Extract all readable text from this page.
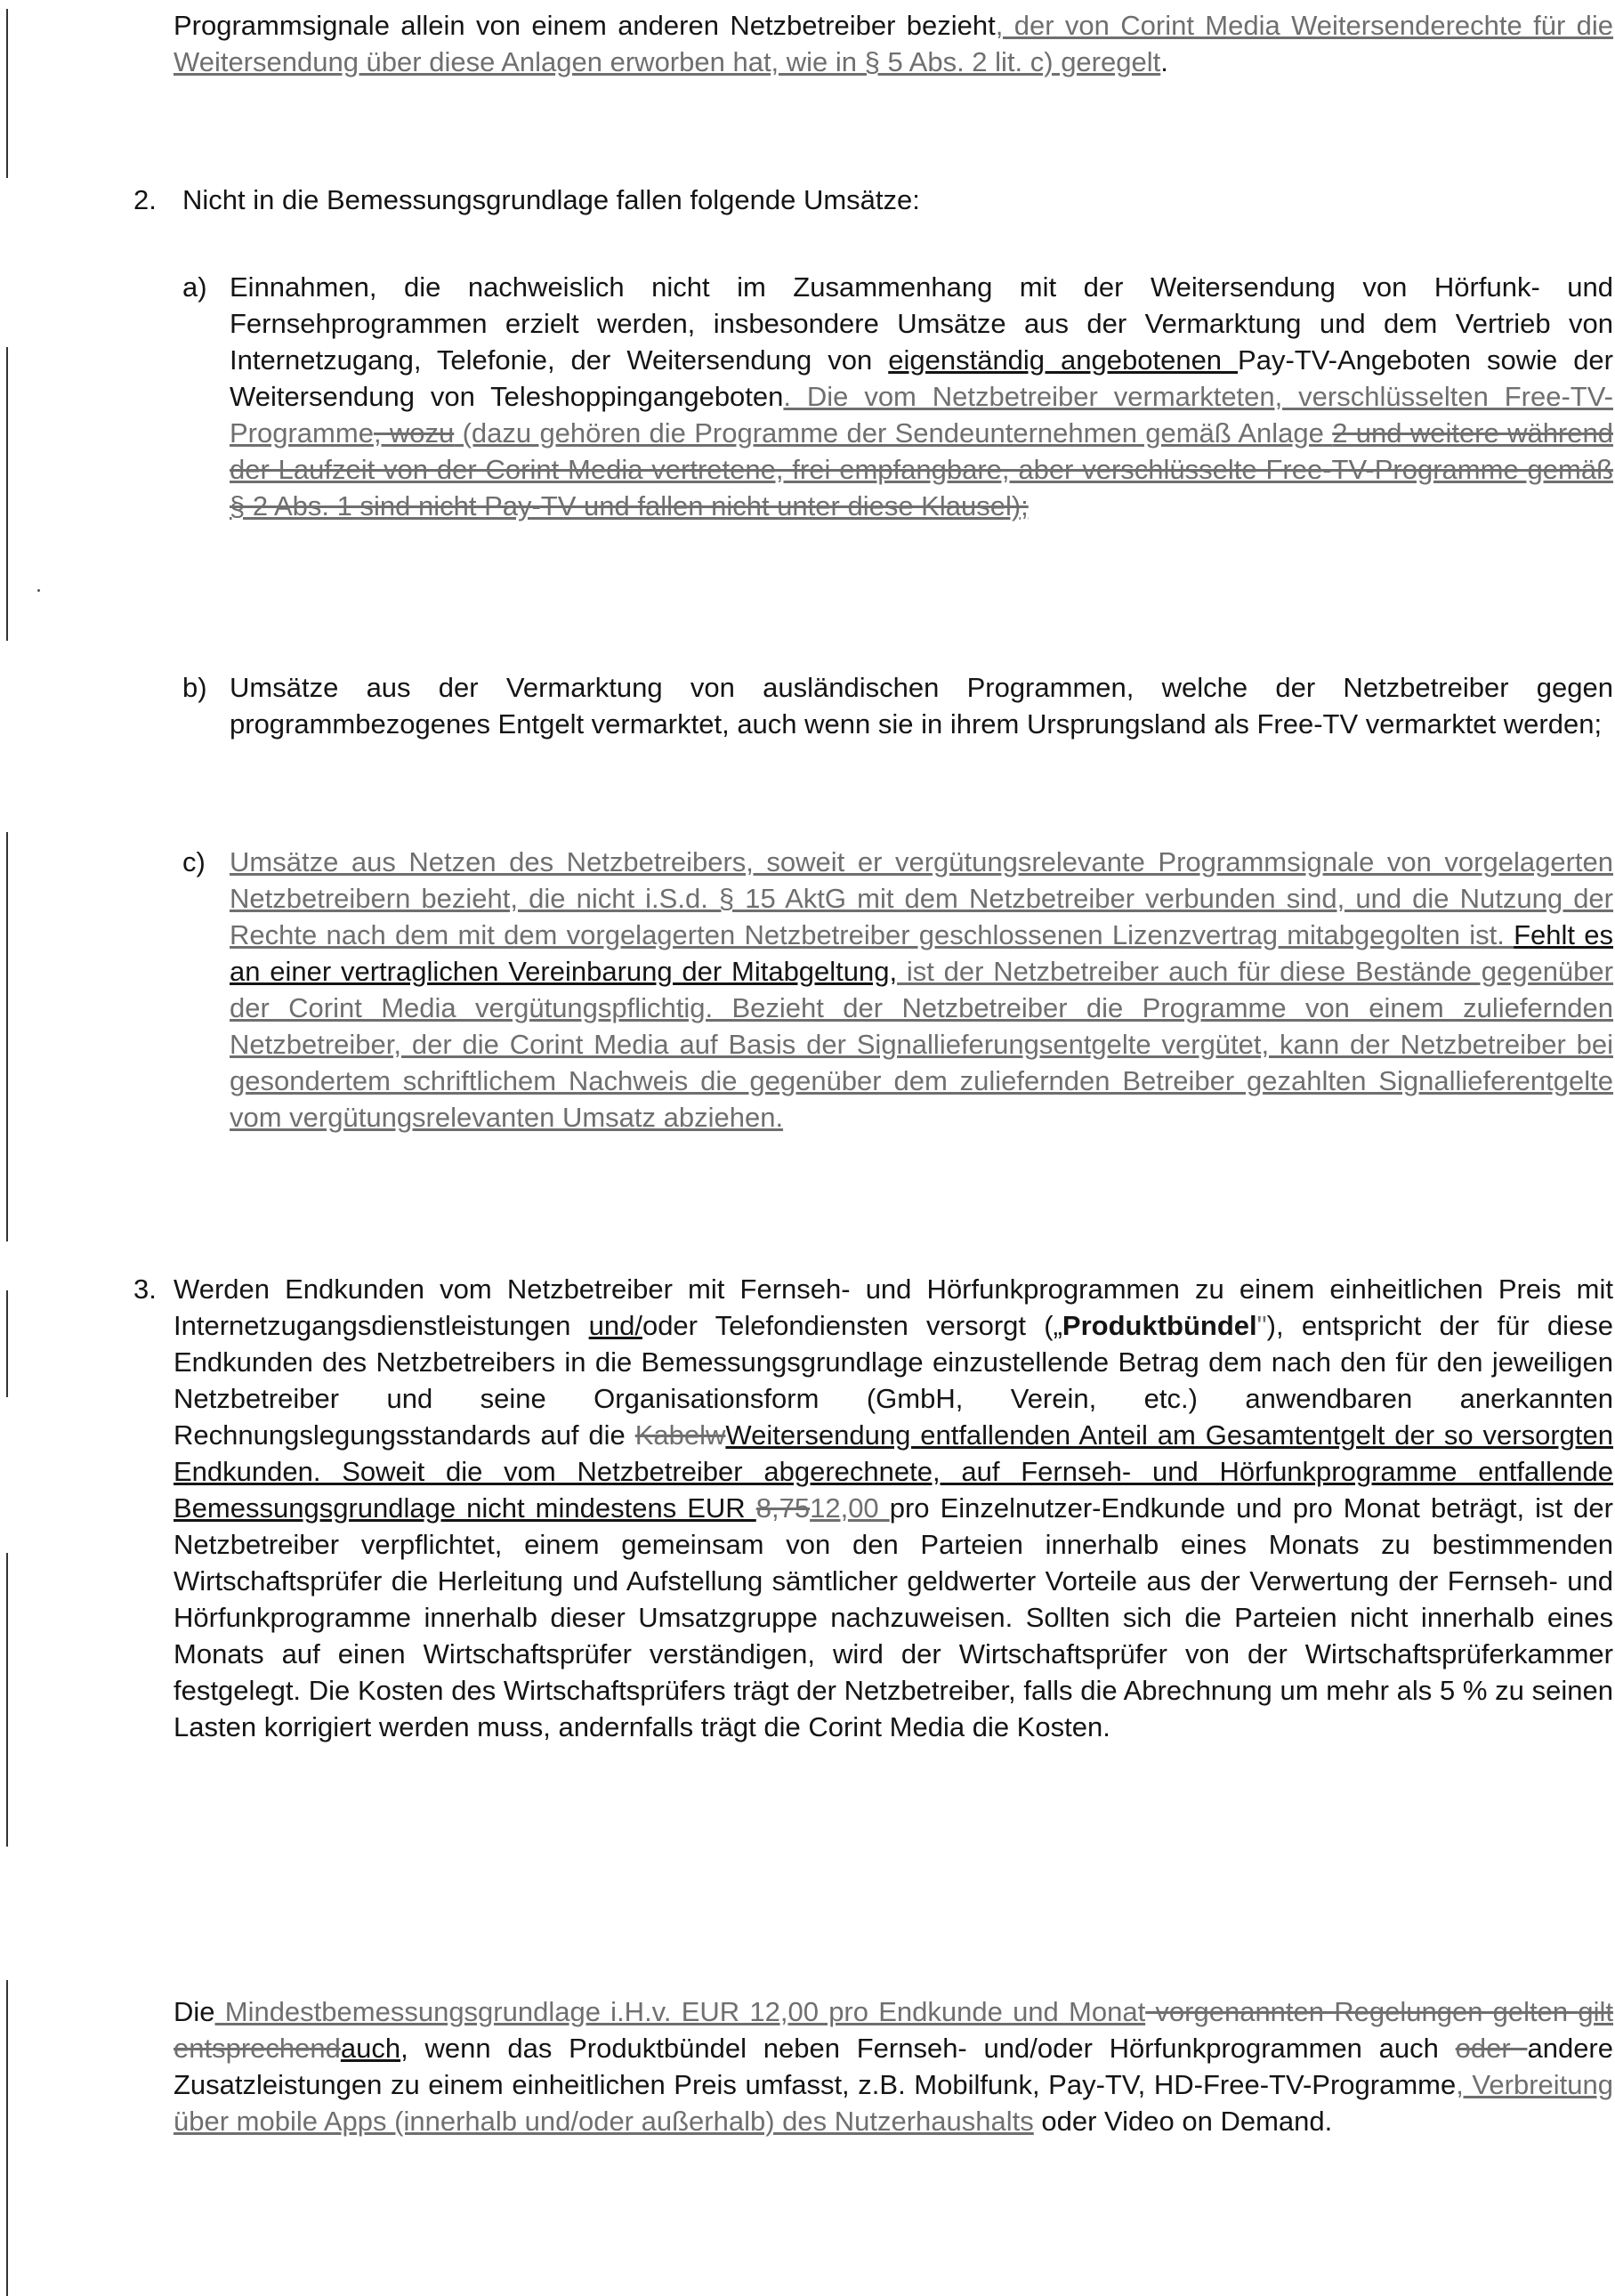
Programmsignale allein von einem anderen Netzbetreiber bezieht, der von Corint Media Weitersenderechte für die Weitersendung über diese Anlagen erworben hat, wie in § 5 Abs. 2 lit. c) geregelt.
2. Nicht in die Bemessungsgrundlage fallen folgende Umsätze:
a) Einnahmen, die nachweislich nicht im Zusammenhang mit der Weitersendung von Hörfunk- und Fernsehprogrammen erzielt werden, insbesondere Umsätze aus der Vermarktung und dem Vertrieb von Internetzugang, Telefonie, der Weitersendung von eigenständig angebotenen Pay-TV-Angeboten sowie der Weitersendung von Teleshoppingangeboten. Die vom Netzbetreiber vermarkteten, verschlüsselten Free-TV-Programme, wozu (dazu gehören die Programme der Sendeunternehmen gemäß Anlage 2 und weitere während der Laufzeit von der Corint Media vertretene, frei empfangbare, aber verschlüsselte Free-TV-Programme gemäß § 2 Abs. 1 sind nicht Pay-TV und fallen nicht unter diese Klausel);
b) Umsätze aus der Vermarktung von ausländischen Programmen, welche der Netzbetreiber gegen programmbezogenes Entgelt vermarktet, auch wenn sie in ihrem Ursprungsland als Free-TV vermarktet werden;
c) Umsätze aus Netzen des Netzbetreibers, soweit er vergütungsrelevante Programmsignale von vorgelagerten Netzbetreibern bezieht, die nicht i.S.d. § 15 AktG mit dem Netzbetreiber verbunden sind, und die Nutzung der Rechte nach dem mit dem vorgelagerten Netzbetreiber geschlossenen Lizenzvertrag mitabgegolten ist. Fehlt es an einer vertraglichen Vereinbarung der Mitabgeltung, ist der Netzbetreiber auch für diese Bestände gegenüber der Corint Media vergütungspflichtig. Bezieht der Netzbetreiber die Programme von einem zuliefernden Netzbetreiber, der die Corint Media auf Basis der Signallieferungsentgelte vergütet, kann der Netzbetreiber bei gesondertem schriftlichem Nachweis die gegenüber dem zuliefernden Betreiber gezahlten Signallieferentgelte vom vergütungsrelevanten Umsatz abziehen.
3. Werden Endkunden vom Netzbetreiber mit Fernseh- und Hörfunkprogrammen zu einem einheitlichen Preis mit Internetzugangsdienstleistungen und/oder Telefondiensten versorgt („Produktbündel"), entspricht der für diese Endkunden des Netzbetreibers in die Bemessungsgrundlage einzustellende Betrag dem nach den für den jeweiligen Netzbetreiber und seine Organisationsform (GmbH, Verein, etc.) anwendbaren anerkannten Rechnungslegungsstandards auf die KabelwWeitersendung entfallenden Anteil am Gesamtentgelt der so versorgten Endkunden. Soweit die vom Netzbetreiber abgerechnete, auf Fernseh- und Hörfunkprogramme entfallende Bemessungsgrundlage nicht mindestens EUR 8,7512,00 pro Einzelnutzer-Endkunde und pro Monat beträgt, ist der Netzbetreiber verpflichtet, einem gemeinsam von den Parteien innerhalb eines Monats zu bestimmenden Wirtschaftsprüfer die Herleitung und Aufstellung sämtlicher geldwerter Vorteile aus der Verwertung der Fernseh- und Hörfunkprogramme innerhalb dieser Umsatzgruppe nachzuweisen. Sollten sich die Parteien nicht innerhalb eines Monats auf einen Wirtschaftsprüfer verständigen, wird der Wirtschaftsprüfer von der Wirtschaftsprüferkammer festgelegt. Die Kosten des Wirtschaftsprüfers trägt der Netzbetreiber, falls die Abrechnung um mehr als 5 % zu seinen Lasten korrigiert werden muss, andernfalls trägt die Corint Media die Kosten.
Die Mindestbemessungsgrundlage i.H.v. EUR 12,00 pro Endkunde und Monat vorgenannten Regelungen gelten gilt entsprechendauch, wenn das Produktbündel neben Fernseh- und/oder Hörfunkprogrammen auch oder andere Zusatzleistungen zu einem einheitlichen Preis umfasst, z.B. Mobilfunk, Pay-TV, HD-Free-TV-Programme, Verbreitung über mobile Apps (innerhalb und/oder außerhalb) des Nutzerhaushalts oder Video on Demand.
